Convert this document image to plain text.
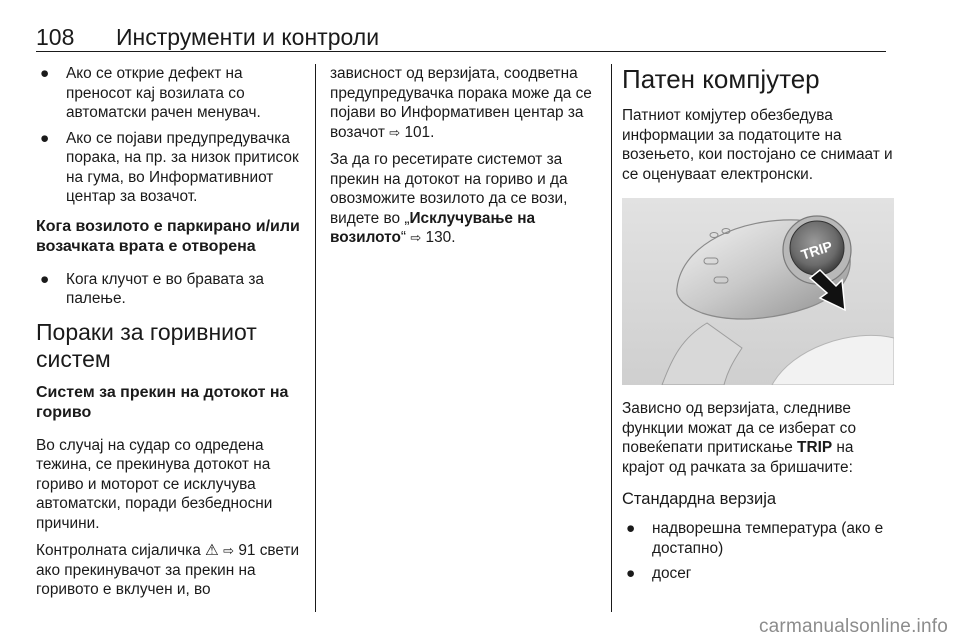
108 Инструменти и контроли
● Ако се открие дефект на преносот кај возилата со автоматски рачен менувач.
● Ако се појави предупредувачка порака, на пр. за низок притисок на гума, во Информативниот центар за возачот.
Кога возилото е паркирано и/или возачката врата е отворена
● Кога клучот е во бравата за палење.
Пораки за горивниот систем
Систем за прекин на дотокот на гориво

Во случај на судар со одредена тежина, се прекинува дотокот на гориво и моторот се исклучува автоматски, поради безбедносни причини.

Контролната сијаличка ⚠ ⇨ 91 свети ако прекинувачот за прекин на горивото е вклучен и, во

зависност од верзијата, соодветна предупредувачка порака може да се појави во Информативен центар за возачот ⇨ 101.

За да го ресетирате системот за прекин на дотокот на гориво и да овозможите возилото да се вози, видете во „Исклучување на возилото“ ⇨ 130.

Патен компјутер

Патниот комјутер обезбедува информации за податоците на возењето, кои постојано се снимаат и се оценуваат електронски.

TRIP

Зависно од верзијата, следниве функции можат да се изберат со повеќепати притискање TRIP на крајот од рачката за бришачите:

Стандардна верзија
● надворешна температура (ако е достапно)
● досег
carmanualsonline.info
